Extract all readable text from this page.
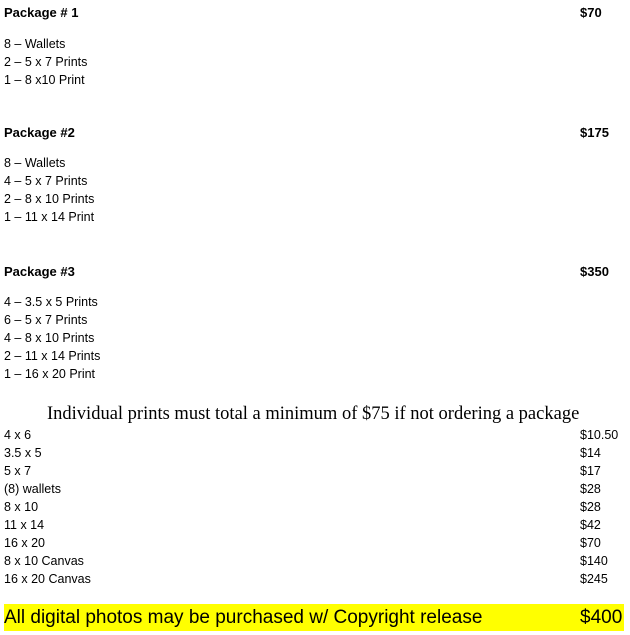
Package # 1	$70
8 – Wallets
2 – 5 x 7 Prints
1 – 8 x10 Print
Package #2	$175
8 – Wallets
4 – 5 x 7 Prints
2 – 8 x 10 Prints
1 – 11 x 14 Print
Package #3	$350
4 – 3.5 x 5 Prints
6 – 5 x 7 Prints
4 – 8 x 10 Prints
2 – 11 x 14 Prints
1 – 16 x 20 Print
Individual prints must total a minimum of $75 if not ordering a package
4 x 6	$10.50
3.5 x 5	$14
5 x 7	$17
(8) wallets	$28
8 x 10	$28
11 x 14	$42
16 x 20	$70
8 x 10 Canvas	$140
16 x 20 Canvas	$245
All digital photos may be purchased w/ Copyright release	$400
